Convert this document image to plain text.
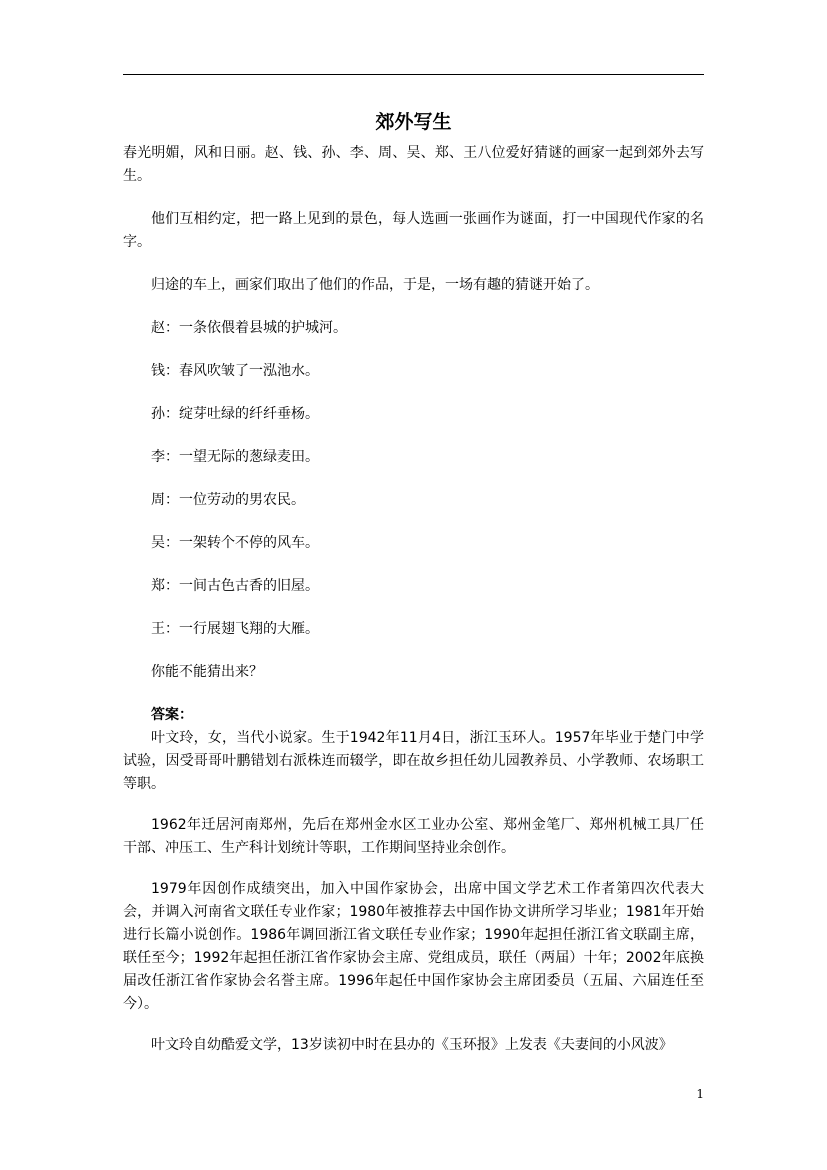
郊外写生

春光明媚，风和日丽。赵、钱、孙、李、周、吴、郑、王八位爱好猜谜的画家一起到郊外去写生。

他们互相约定，把一路上见到的景色，每人选画一张画作为谜面，打一中国现代作家的名字。

归途的车上，画家们取出了他们的作品，于是，一场有趣的猜谜开始了。

赵：一条依偎着县城的护城河。

钱：春风吹皱了一泓池水。

孙：绽芽吐绿的纤纤垂杨。

李：一望无际的葱绿麦田。

周：一位劳动的男农民。

吴：一架转个不停的风车。

郑：一间古色古香的旧屋。

王：一行展翅飞翔的大雁。

你能不能猜出来？

答案：

叶文玲，女，当代小说家。生于1942年11月4日，浙江玉环人。1957年毕业于楚门中学试验，因受哥哥叶鹏错划右派株连而辍学，即在故乡担任幼儿园教养员、小学教师、农场职工等职。

1962年迁居河南郑州，先后在郑州金水区工业办公室、郑州金笔厂、郑州机械工具厂任干部、冲压工、生产科计划统计等职，工作期间坚持业余创作。

1979年因创作成绩突出，加入中国作家协会，出席中国文学艺术工作者第四次代表大会，并调入河南省文联任专业作家；1980年被推荐去中国作协文讲所学习毕业；1981年开始进行长篇小说创作。1986年调回浙江省文联任专业作家；1990年起担任浙江省文联副主席，联任至今；1992年起担任浙江省作家协会主席、党组成员，联任（两届）十年；2002年底换届改任浙江省作家协会名誉主席。1996年起任中国作家协会主席团委员（五届、六届连任至今）。

叶文玲自幼酷爱文学，13岁读初中时在县办的《玉环报》上发表《夫妻间的小风波》

1
